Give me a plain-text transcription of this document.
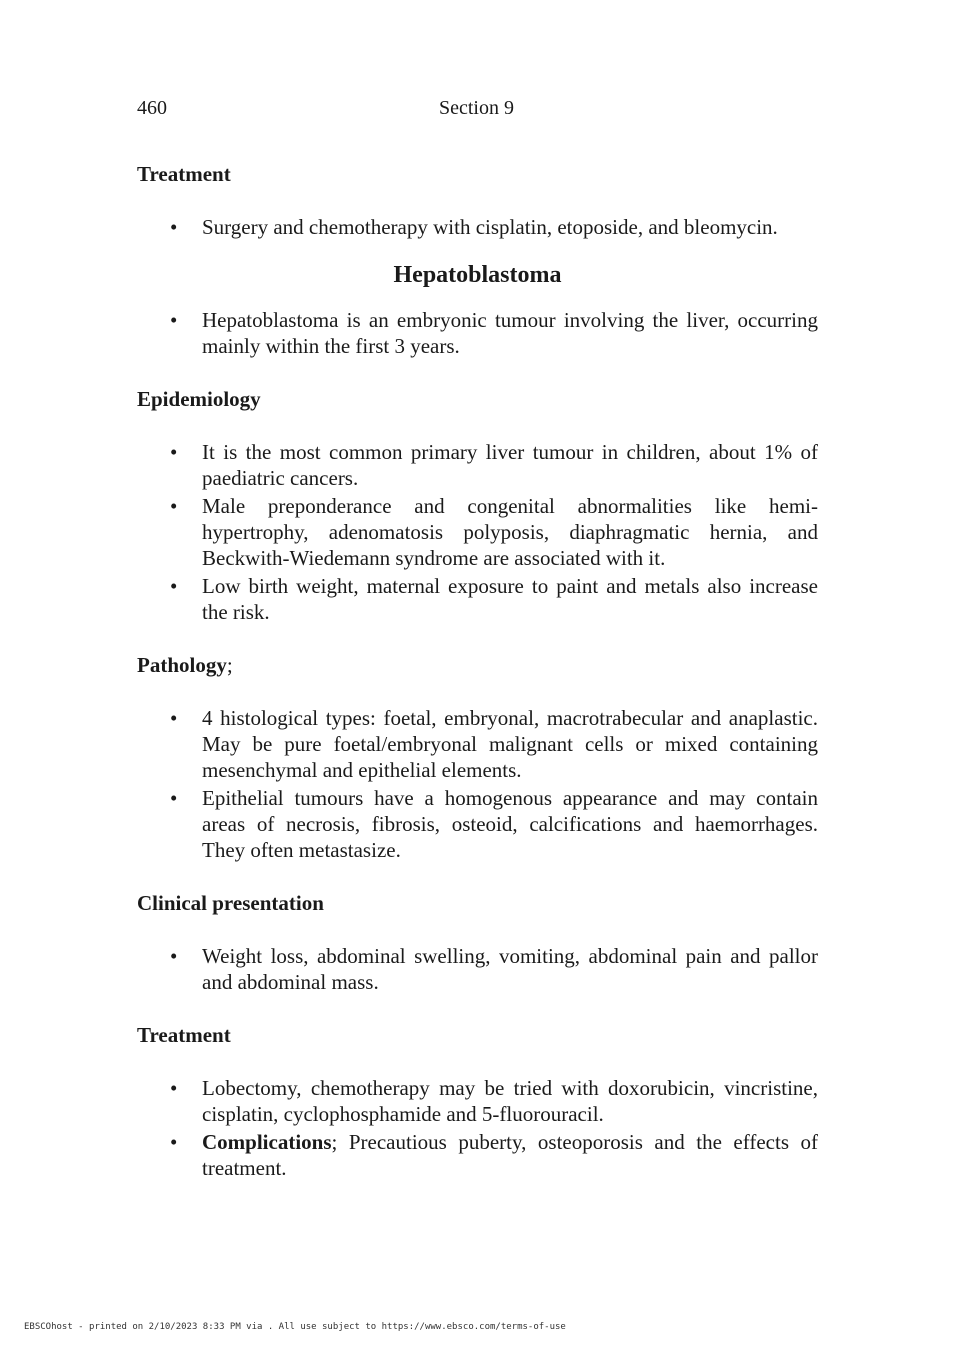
460	Section 9
Treatment
• Surgery and chemotherapy with cisplatin, etoposide, and bleomycin.
Hepatoblastoma
• Hepatoblastoma is an embryonic tumour involving the liver, occurring mainly within the first 3 years.
Epidemiology
• It is the most common primary liver tumour in children, about 1% of paediatric cancers.
• Male preponderance and congenital abnormalities like hemi-hypertrophy, adenomatosis polyposis, diaphragmatic hernia, and Beckwith-Wiedemann syndrome are associated with it.
• Low birth weight, maternal exposure to paint and metals also increase the risk.
Pathology;
• 4 histological types: foetal, embryonal, macrotrabecular and anaplastic. May be pure foetal/embryonal malignant cells or mixed containing mesenchymal and epithelial elements.
• Epithelial tumours have a homogenous appearance and may contain areas of necrosis, fibrosis, osteoid, calcifications and haemorrhages. They often metastasize.
Clinical presentation
• Weight loss, abdominal swelling, vomiting, abdominal pain and pallor and abdominal mass.
Treatment
• Lobectomy, chemotherapy may be tried with doxorubicin, vincristine, cisplatin, cyclophosphamide and 5-fluorouracil.
• Complications; Precautious puberty, osteoporosis and the effects of treatment.
EBSCOhost - printed on 2/10/2023 8:33 PM via . All use subject to https://www.ebsco.com/terms-of-use
